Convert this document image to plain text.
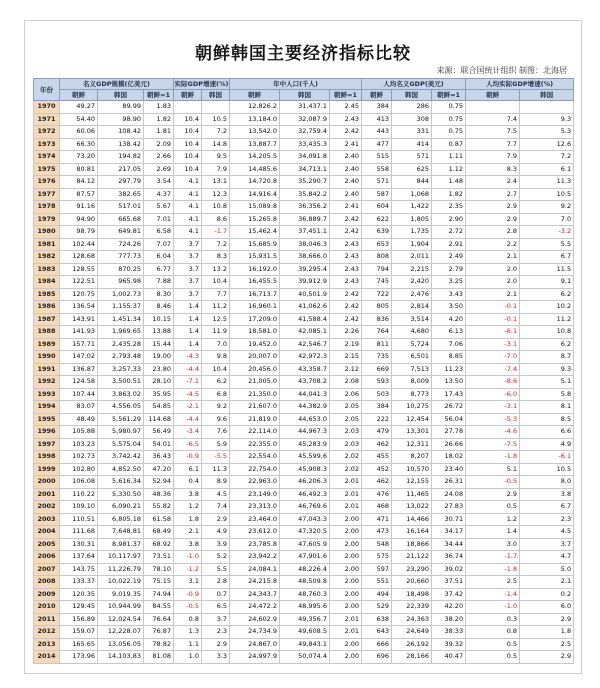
朝鲜韩国主要经济指标比较
来源：联合国统计组织 制图：北海居
年份	名义GDP规模(亿美元)			实际GDP增速(%)		年中人口(千人)			人均名义GDP(美元)			人均实际GDP增速(%)	
	朝鲜	韩国	朝鲜=1	朝鲜	韩国	朝鲜	韩国	朝鲜=1	朝鲜	韩国	朝鲜=1	朝鲜	韩国
1970	49.27	89.99	1.83			12,826.2	31,437.1	2.45	384	286	0.75		
1971	54.40	98.90	1.82	10.4	10.5	13,184.0	32,087.9	2.43	413	308	0.75	7.4	9.3
1972	60.06	108.42	1.81	10.4	7.2	13,542.0	32,759.4	2.42	443	331	0.75	7.5	5.3
1973	66.30	138.42	2.09	10.4	14.8	13,887.7	33,435.3	2.41	477	414	0.87	7.7	12.6
1974	73.20	194.82	2.66	10.4	9.5	14,205.5	34,091.8	2.40	515	571	1.11	7.9	7.2
1975	80.81	217.05	2.69	10.4	7.9	14,485.6	34,713.1	2.40	558	625	1.12	8.3	6.1
1976	84.12	297.79	3.54	4.1	13.1	14,720.8	35,290.7	2.40	571	844	1.48	2.4	11.3
1977	87.57	382.65	4.37	4.1	12.3	14,916.4	35,842.2	2.40	587	1,068	1.82	2.7	10.5
1978	91.16	517.01	5.67	4.1	10.8	15,089.8	36,356.2	2.41	604	1,422	2.35	2.9	9.2
1979	94.90	665.68	7.01	4.1	8.6	15,265.8	36,889.7	2.42	622	1,805	2.90	2.9	7.0
1980	98.79	649.81	6.58	4.1	-1.7	15,462.4	37,451.1	2.42	639	1,735	2.72	2.8	-3.2
1981	102.44	724.26	7.07	3.7	7.2	15,685.9	38,046.3	2.43	653	1,904	2.91	2.2	5.5
1982	128.68	777.73	6.04	3.7	8.3	15,931.5	38,666.0	2.43	808	2,011	2.49	2.1	6.7
1983	128.55	870.25	6.77	3.7	13.2	16,192.0	39,295.4	2.43	794	2,215	2.79	2.0	11.5
1984	122.51	965.98	7.88	3.7	10.4	16,455.5	39,912.9	2.43	745	2,420	3.25	2.0	9.1
1985	120.75	1,002.73	8.30	3.7	7.7	16,713.7	40,501.9	2.42	722	2,476	3.43	2.1	6.2
1986	136.54	1,155.37	8.46	1.4	11.2	16,960.1	41,062.6	2.42	805	2,814	3.50	-0.1	10.2
1987	143.91	1,451.34	10.15	1.4	12.5	17,209.0	41,588.4	2.42	836	3,514	4.20	-0.1	11.2
1988	141.93	1,969.65	13.88	1.4	11.9	18,581.0	42,085.1	2.26	764	4,680	6.13	-6.1	10.8
1989	157.71	2,435.28	15.44	1.4	7.0	19,452.0	42,546.7	2.19	811	5,724	7.06	-3.1	6.2
1990	147.02	2,793.48	19.00	-4.3	9.8	20,007.0	42,972.3	2.15	735	6,501	8.85	-7.0	8.7
1991	136.87	3,257.33	23.80	-4.4	10.4	20,456.0	43,358.7	2.12	669	7,513	11.23	-7.4	9.3
1992	124.58	3,500.51	28.10	-7.1	6.2	21,005.0	43,708.2	2.08	593	8,009	13.50	-8.6	5.1
1993	107.44	3,863.02	35.95	-4.5	6.8	21,350.0	44,041.3	2.06	503	8,773	17.43	-6.0	5.8
1994	83.07	4,556.05	54.85	-2.1	9.2	21,607.0	44,382.9	2.05	384	10,275	26.72	-3.1	8.1
1995	48.49	5,561.29	114.68	-4.4	9.6	21,819.0	44,653.0	2.05	222	12,454	56.04	-5.3	8.5
1996	105.88	5,980.97	56.49	-3.4	7.6	22,114.0	44,967.3	2.03	479	13,301	27.78	-4.6	6.6
1997	103.23	5,575.04	54.01	-6.5	5.9	22,355.0	45,283.9	2.03	462	12,311	26.66	-7.5	4.9
1998	102.73	3,742.42	36.43	-0.9	-5.5	22,554.0	45,599.6	2.02	455	8,207	18.02	-1.8	-6.1
1999	102.80	4,852.50	47.20	6.1	11.3	22,754.0	45,908.3	2.02	452	10,570	23.40	5.1	10.5
2000	106.08	5,616.34	52.94	0.4	8.9	22,963.0	46,206.3	2.01	462	12,155	26.31	-0.5	8.0
2001	110.22	5,330.50	48.36	3.8	4.5	23,149.0	46,492.3	2.01	476	11,465	24.08	2.9	3.8
2002	109.10	6,090.21	55.82	1.2	7.4	23,313.0	46,769.6	2.01	468	13,022	27.83	0.5	6.7
2003	110.51	6,805.18	61.58	1.8	2.9	23,464.0	47,043.3	2.00	471	14,466	30.71	1.2	2.3
2004	111.68	7,648.81	68.49	2.1	4.9	23,612.0	47,320.5	2.00	473	16,164	34.17	1.4	4.5
2005	130.31	8,981.37	68.92	3.8	3.9	23,785.8	47,605.9	2.00	548	18,866	34.44	3.0	3.7
2006	137.64	10,117.97	73.51	-1.0	5.2	23,942.2	47,901.6	2.00	575	21,122	36.74	-1.7	4.7
2007	143.75	11,226.79	78.10	-1.2	5.5	24,084.1	48,226.4	2.00	597	23,290	39.02	-1.8	5.0
2008	133.37	10,022.19	75.15	3.1	2.8	24,215.8	48,509.8	2.00	551	20,660	37.51	2.5	2.1
2009	120.35	9,019.35	74.94	-0.9	0.7	24,343.7	48,760.3	2.00	494	18,498	37.42	-1.4	0.2
2010	129.45	10,944.99	84.55	-0.5	6.5	24,472.2	48,995.6	2.00	529	22,339	42.20	-1.0	6.0
2011	156.89	12,024.54	76.64	0.8	3.7	24,602.9	49,356.7	2.01	638	24,363	38.20	0.3	2.9
2012	159.07	12,228.07	76.87	1.3	2.3	24,734.9	49,608.5	2.01	643	24,649	38.33	0.8	1.8
2013	165.65	13,056.05	78.82	1.1	2.9	24,867.0	49,843.1	2.00	666	26,192	39.32	0.5	2.5
2014	173.96	14,103.83	81.08	1.0	3.3	24,997.9	50,074.4	2.00	696	28,166	40.47	0.5	2.9
